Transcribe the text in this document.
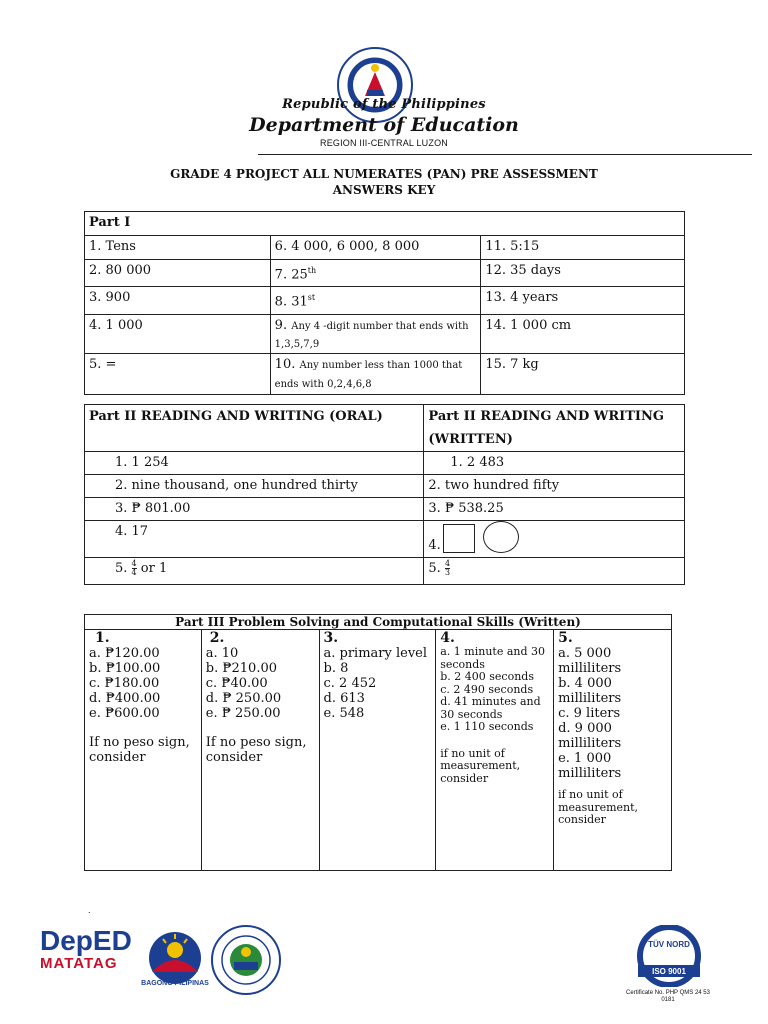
Republic of the Philippines
Department of Education
REGION III-CENTRAL LUZON
GRADE 4 PROJECT ALL NUMERATES (PAN) PRE ASSESSMENT
ANSWERS KEY
Part I		
1. Tens	6. 4 000, 6 000, 8 000	11. 5:15
2. 80 000	7. 25th	12. 35 days
3. 900	8. 31st	13. 4 years
4. 1 000	9. Any 4 -digit number that ends with 1,3,5,7,9	14. 1 000 cm
5. =	10. Any number less than 1000 that ends with 0,2,4,6,8	15. 7 kg
Part II READING AND WRITING (ORAL)	Part II READING AND WRITING (WRITTEN)
1. 1 254	1. 2 483
2. nine thousand, one hundred thirty	2. two hundred fifty
3. ₱ 801.00	3. ₱ 538.25
4. 17	4.

5. $\frac{4}{4}$ or 1	5. $\frac{4}{3}$
Part III Problem Solving and Computational Skills (Written)

1.
a. ₱120.00
b. ₱100.00
c. ₱180.00
d. ₱400.00
e. ₱600.00
If no peso sign, consider

2.
a. 10
b. ₱210.00
c. ₱40.00
d. ₱ 250.00
e. ₱ 250.00
If no peso sign, consider

3.
a. primary level
b. 8
c. 2 452
d. 613
e. 548

4.
a. 1 minute and 30 seconds
b. 2 400 seconds
c. 2 490 seconds
d. 41 minutes and 30 seconds
e. 1 110 seconds
if no unit of measurement, consider

5.
a. 5 000 milliliters
b. 4 000 milliliters
c. 9 liters
d. 9 000 milliliters
e. 1 000 milliliters
if no unit of measurement, consider
.
DepED
MATATAG
BAGONG PILIPINAS
TÜV NORD
ISO 9001
Certificate No. PHP QMS 24 53 0181
